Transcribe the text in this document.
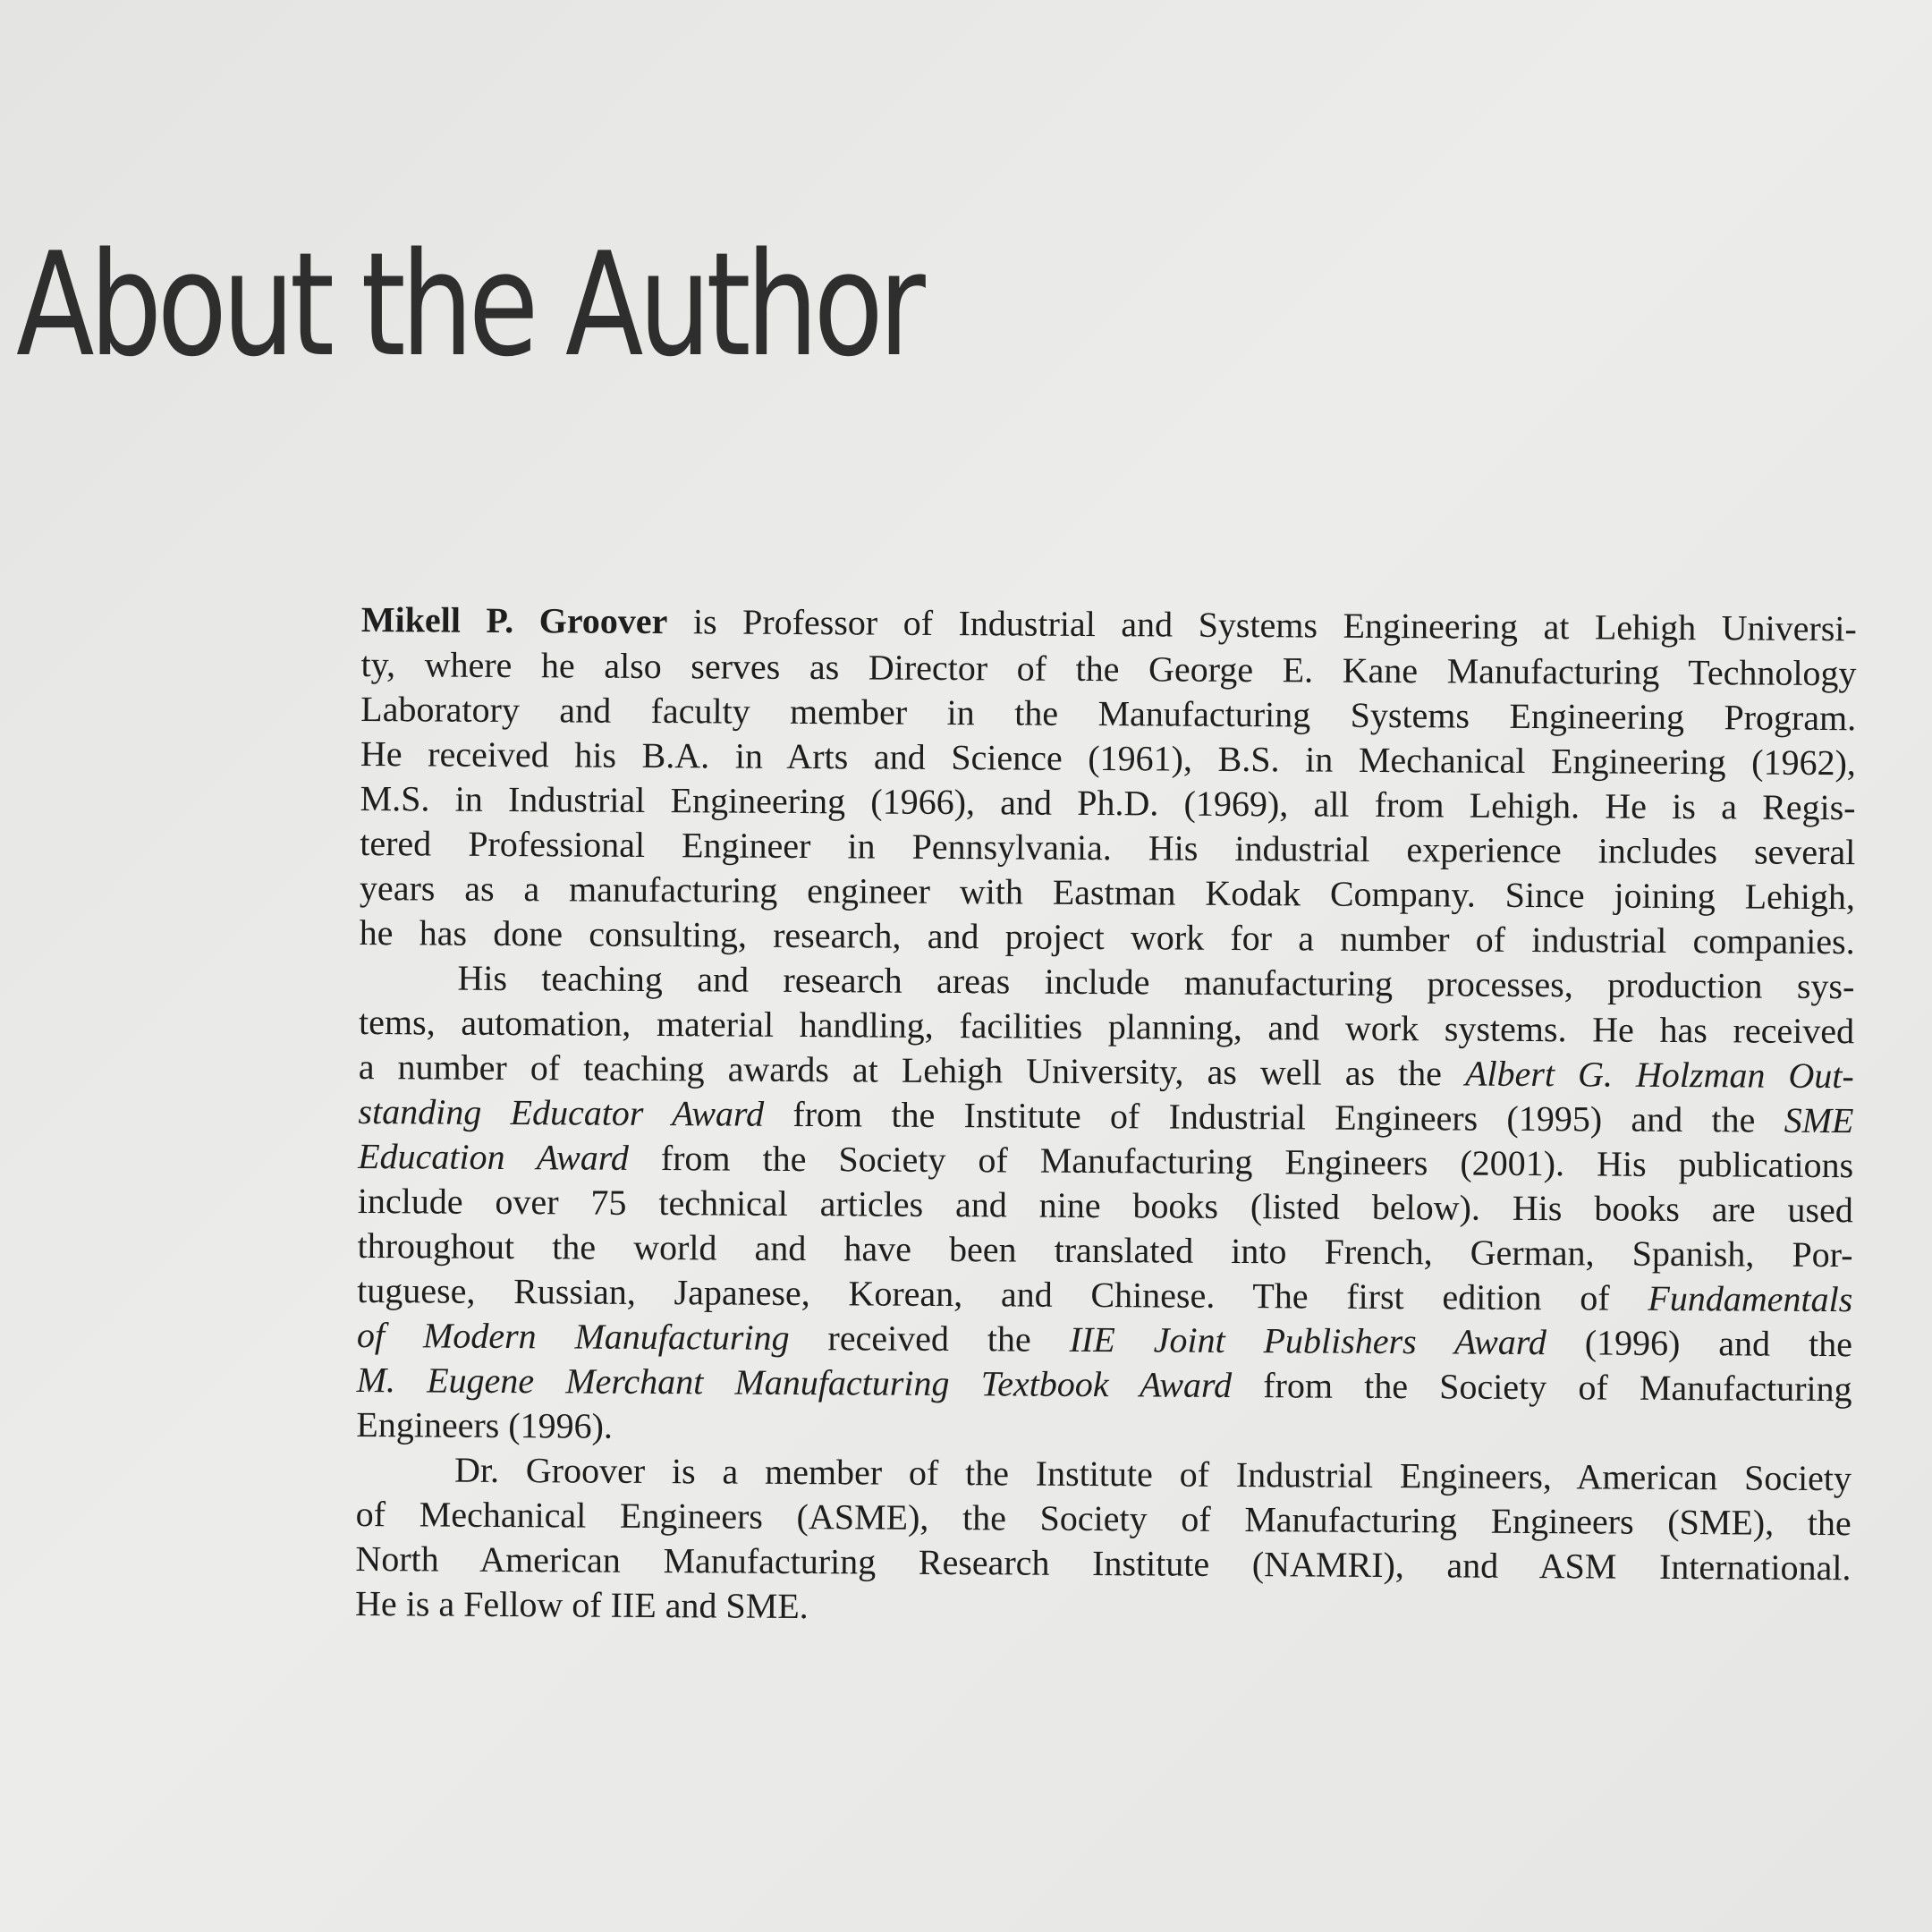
About the Author
Mikell P. Groover is Professor of Industrial and Systems Engineering at Lehigh Universi-
ty, where he also serves as Director of the George E. Kane Manufacturing Technology
Laboratory and faculty member in the Manufacturing Systems Engineering Program.
He received his B.A. in Arts and Science (1961), B.S. in Mechanical Engineering (1962),
M.S. in Industrial Engineering (1966), and Ph.D. (1969), all from Lehigh. He is a Regis-
tered Professional Engineer in Pennsylvania. His industrial experience includes several
years as a manufacturing engineer with Eastman Kodak Company. Since joining Lehigh,
he has done consulting, research, and project work for a number of industrial companies.
His teaching and research areas include manufacturing processes, production sys-
tems, automation, material handling, facilities planning, and work systems. He has received
a number of teaching awards at Lehigh University, as well as the Albert G. Holzman Out-
standing Educator Award from the Institute of Industrial Engineers (1995) and the SME
Education Award from the Society of Manufacturing Engineers (2001). His publications
include over 75 technical articles and nine books (listed below). His books are used
throughout the world and have been translated into French, German, Spanish, Por-
tuguese, Russian, Japanese, Korean, and Chinese. The first edition of Fundamentals
of Modern Manufacturing received the IIE Joint Publishers Award (1996) and the
M. Eugene Merchant Manufacturing Textbook Award from the Society of Manufacturing
Engineers (1996).
Dr. Groover is a member of the Institute of Industrial Engineers, American Society
of Mechanical Engineers (ASME), the Society of Manufacturing Engineers (SME), the
North American Manufacturing Research Institute (NAMRI), and ASM International.
He is a Fellow of IIE and SME.
